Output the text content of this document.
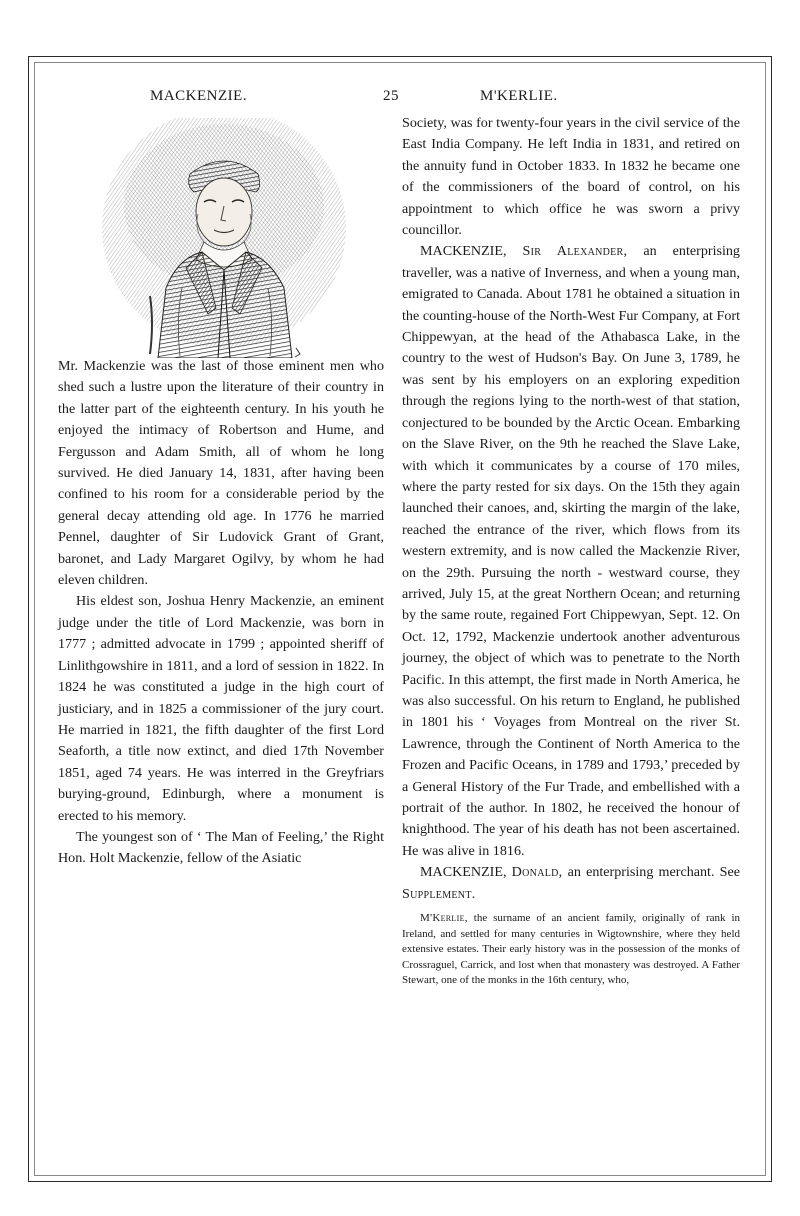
MACKENZIE.	25	M'KERLIE.

Mr. Mackenzie was the last of those eminent men who shed such a lustre upon the literature of their country in the latter part of the eighteenth century. In his youth he enjoyed the intimacy of Robertson and Hume, and Fergusson and Adam Smith, all of whom he long survived. He died January 14, 1831, after having been confined to his room for a considerable period by the general decay attending old age. In 1776 he married Pennel, daughter of Sir Ludovick Grant of Grant, baronet, and Lady Margaret Ogilvy, by whom he had eleven children.

His eldest son, Joshua Henry Mackenzie, an eminent judge under the title of Lord Mackenzie, was born in 1777 ; admitted advocate in 1799 ; appointed sheriff of Linlithgowshire in 1811, and a lord of session in 1822. In 1824 he was constituted a judge in the high court of justiciary, and in 1825 a commissioner of the jury court. He married in 1821, the fifth daughter of the first Lord Seaforth, a title now extinct, and died 17th November 1851, aged 74 years. He was interred in the Greyfriars burying-ground, Edinburgh, where a monument is erected to his memory.

The youngest son of ‘ The Man of Feeling,’ the Right Hon. Holt Mackenzie, fellow of the Asiatic

Society, was for twenty-four years in the civil service of the East India Company. He left India in 1831, and retired on the annuity fund in October 1833. In 1832 he became one of the commissioners of the board of control, on his appointment to which office he was sworn a privy councillor.

MACKENZIE, Sir Alexander, an enterprising traveller, was a native of Inverness, and when a young man, emigrated to Canada. About 1781 he obtained a situation in the counting-house of the North-West Fur Company, at Fort Chippewyan, at the head of the Athabasca Lake, in the country to the west of Hudson's Bay. On June 3, 1789, he was sent by his employers on an exploring expedition through the regions lying to the north-west of that station, conjectured to be bounded by the Arctic Ocean. Embarking on the Slave River, on the 9th he reached the Slave Lake, with which it communicates by a course of 170 miles, where the party rested for six days. On the 15th they again launched their canoes, and, skirting the margin of the lake, reached the entrance of the river, which flows from its western extremity, and is now called the Mackenzie River, on the 29th. Pursuing the north - westward course, they arrived, July 15, at the great Northern Ocean; and returning by the same route, regained Fort Chippewyan, Sept. 12. On Oct. 12, 1792, Mackenzie undertook another adventurous journey, the object of which was to penetrate to the North Pacific. In this attempt, the first made in North America, he was also successful. On his return to England, he published in 1801 his ‘ Voyages from Montreal on the river St. Lawrence, through the Continent of North America to the Frozen and Pacific Oceans, in 1789 and 1793,’ preceded by a General History of the Fur Trade, and embellished with a portrait of the author. In 1802, he received the honour of knighthood. The year of his death has not been ascertained. He was alive in 1816.

MACKENZIE, Donald, an enterprising merchant. See Supplement.

M'Kerlie, the surname of an ancient family, originally of rank in Ireland, and settled for many centuries in Wigtownshire, where they held extensive estates. Their early history was in the possession of the monks of Crossraguel, Carrick, and lost when that monastery was destroyed. A Father Stewart, one of the monks in the 16th century, who,
